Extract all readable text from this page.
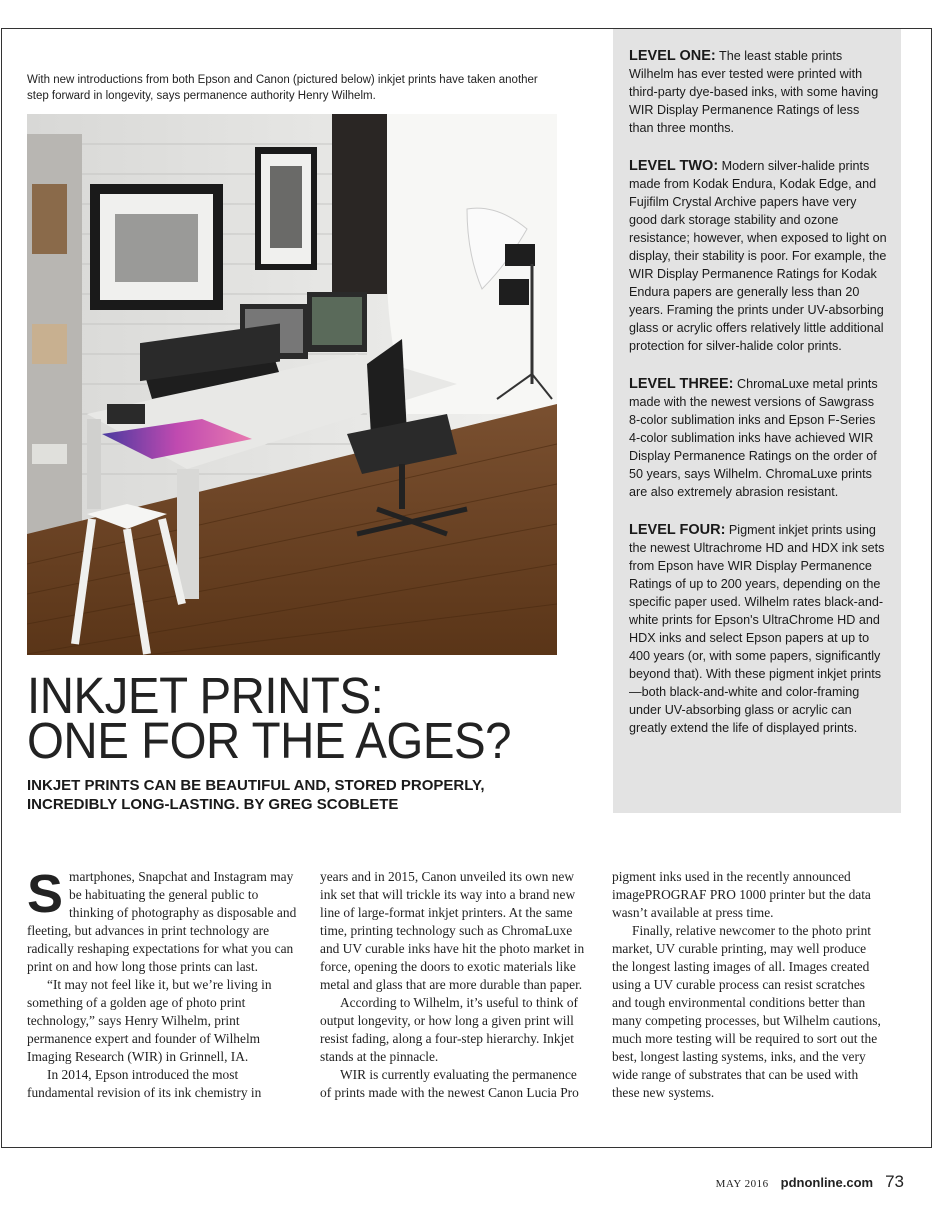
With new introductions from both Epson and Canon (pictured below) inkjet prints have taken another step forward in longevity, says permanence authority Henry Wilhelm.

LEVEL ONE: The least stable prints Wilhelm has ever tested were printed with third-party dye-based inks, with some having WIR Display Permanence Ratings of less than three months.

LEVEL TWO: Modern silver-halide prints made from Kodak Endura, Kodak Edge, and Fujifilm Crystal Archive papers have very good dark storage stability and ozone resistance; however, when exposed to light on display, their stability is poor. For example, the WIR Display Permanence Ratings for Kodak Endura papers are generally less than 20 years. Framing the prints under UV-absorbing glass or acrylic offers relatively little additional protection for silver-halide color prints.

LEVEL THREE: ChromaLuxe metal prints made with the newest versions of Sawgrass 8-color sublimation inks and Epson F-Series 4-color sublimation inks have achieved WIR Display Permanence Ratings on the order of 50 years, says Wilhelm. ChromaLuxe prints are also extremely abrasion resistant.

LEVEL FOUR: Pigment inkjet prints using the newest Ultrachrome HD and HDX ink sets from Epson have WIR Display Permanence Ratings of up to 200 years, depending on the specific paper used. Wilhelm rates black-and-white prints for Epson's UltraChrome HD and HDX inks and select Epson papers at up to 400 years (or, with some papers, significantly beyond that). With these pigment inkjet prints—both black-and-white and color-framing under UV-absorbing glass or acrylic can greatly extend the life of displayed prints.

INKJET PRINTS:
ONE FOR THE AGES?
INKJET PRINTS CAN BE BEAUTIFUL AND, STORED PROPERLY,
INCREDIBLY LONG-LASTING. BY GREG SCOBLETE

Smartphones, Snapchat and Instagram may be habituating the general public to thinking of photography as disposable and fleeting, but advances in print technology are radically reshaping expectations for what you can print on and how long those prints can last.

“It may not feel like it, but we’re living in something of a golden age of photo print technology,” says Henry Wilhelm, print permanence expert and founder of Wilhelm Imaging Research (WIR) in Grinnell, IA.

In 2014, Epson introduced the most fundamental revision of its ink chemistry in

years and in 2015, Canon unveiled its own new ink set that will trickle its way into a brand new line of large-format inkjet printers. At the same time, printing technology such as ChromaLuxe and UV curable inks have hit the photo market in force, opening the doors to exotic materials like metal and glass that are more durable than paper.

According to Wilhelm, it’s useful to think of output longevity, or how long a given print will resist fading, along a four-step hierarchy. Inkjet stands at the pinnacle.

WIR is currently evaluating the permanence of prints made with the newest Canon Lucia Pro

pigment inks used in the recently announced imagePROGRAF PRO 1000 printer but the data wasn’t available at press time.

Finally, relative newcomer to the photo print market, UV curable printing, may well produce the longest lasting images of all. Images created using a UV curable process can resist scratches and tough environmental conditions better than many competing processes, but Wilhelm cautions, much more testing will be required to sort out the best, longest lasting systems, inks, and the very wide range of substrates that can be used with these new systems.

MAY 2016 pdnonline.com 73
